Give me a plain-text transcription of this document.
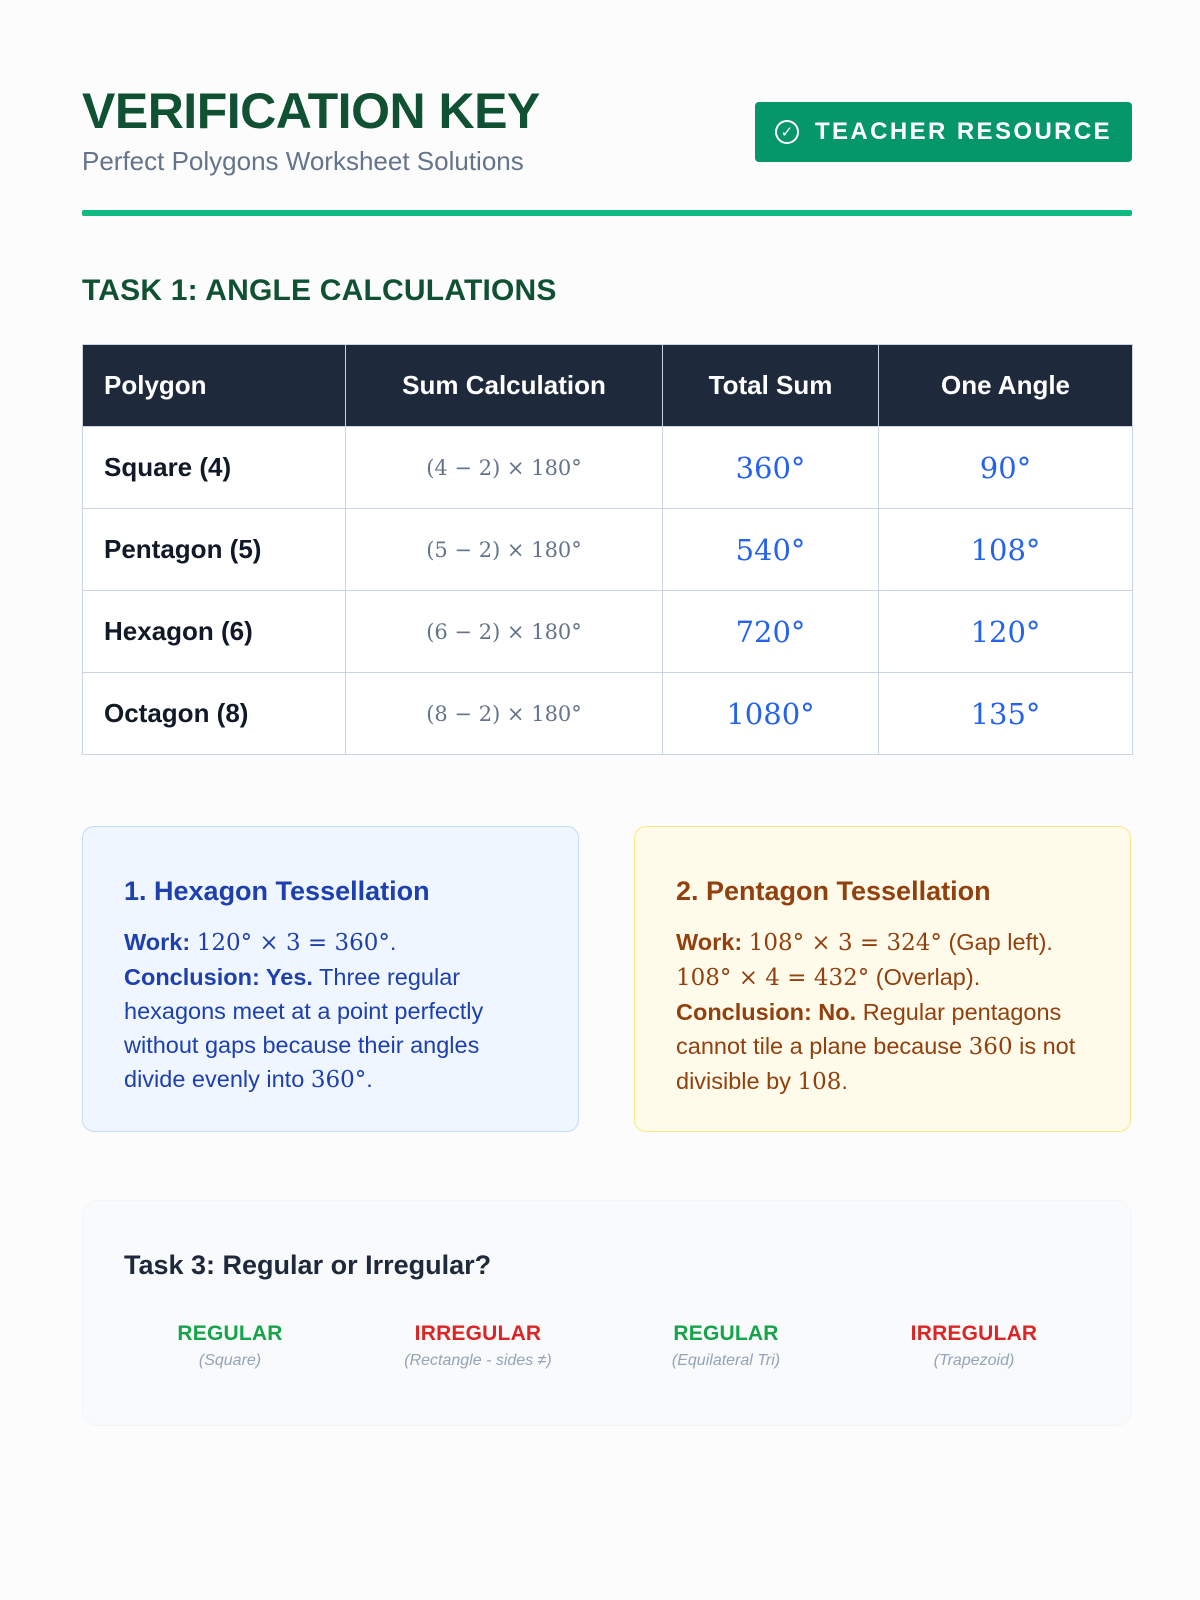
VERIFICATION KEY
Perfect Polygons Worksheet Solutions
✓ TEACHER RESOURCE
TASK 1: ANGLE CALCULATIONS
Polygon	Sum Calculation	Total Sum	One Angle
Square (4)	(4 − 2) × 180°	360°	90°
Pentagon (5)	(5 − 2) × 180°	540°	108°
Hexagon (6)	(6 − 2) × 180°	720°	120°
Octagon (8)	(8 − 2) × 180°	1080°	135°
1. Hexagon Tessellation

Work: 120° × 3 = 360°.
Conclusion: Yes. Three regular hexagons meet at a point perfectly without gaps because their angles divide evenly into 360°.

2. Pentagon Tessellation

Work: 108° × 3 = 324° (Gap left).
108° × 4 = 432° (Overlap).
Conclusion: No. Regular pentagons cannot tile a plane because 360 is not divisible by 108.

Task 3: Regular or Irregular?
REGULAR
(Square)
IRREGULAR
(Rectangle - sides ≠)
REGULAR
(Equilateral Tri)
IRREGULAR
(Trapezoid)
